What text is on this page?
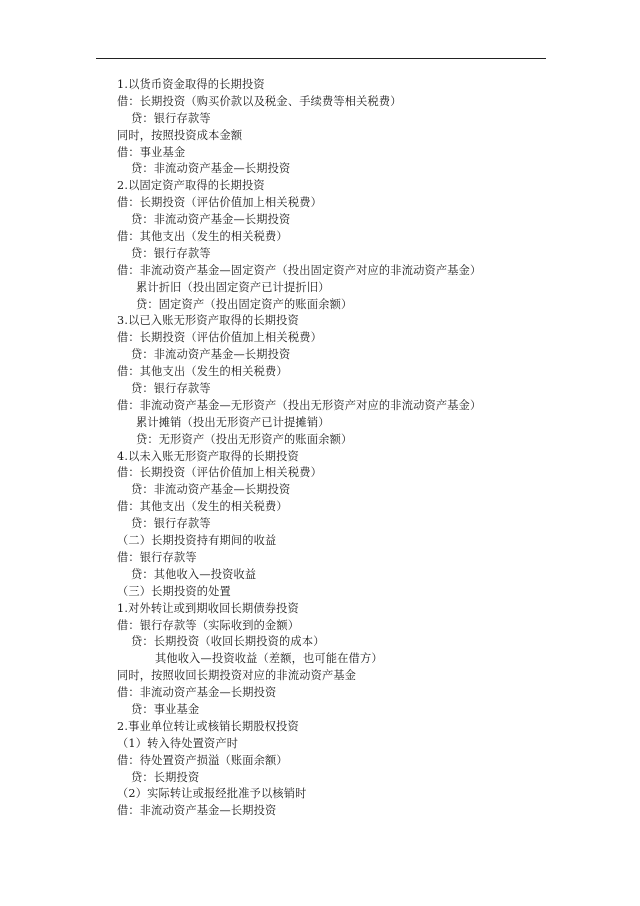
1.以货币资金取得的长期投资
借：长期投资（购买价款以及税金、手续费等相关税费）
贷：银行存款等
同时，按照投资成本金额
借：事业基金
贷：非流动资产基金—长期投资
2.以固定资产取得的长期投资
借：长期投资（评估价值加上相关税费）
贷：非流动资产基金—长期投资
借：其他支出（发生的相关税费）
贷：银行存款等
借：非流动资产基金—固定资产（投出固定资产对应的非流动资产基金）
累计折旧（投出固定资产已计提折旧）
贷：固定资产（投出固定资产的账面余额）
3.以已入账无形资产取得的长期投资
借：长期投资（评估价值加上相关税费）
贷：非流动资产基金—长期投资
借：其他支出（发生的相关税费）
贷：银行存款等
借：非流动资产基金—无形资产（投出无形资产对应的非流动资产基金）
累计摊销（投出无形资产已计提摊销）
贷：无形资产（投出无形资产的账面余额）
4.以未入账无形资产取得的长期投资
借：长期投资（评估价值加上相关税费）
贷：非流动资产基金—长期投资
借：其他支出（发生的相关税费）
贷：银行存款等
（二）长期投资持有期间的收益
借：银行存款等
贷：其他收入—投资收益
（三）长期投资的处置
1.对外转让或到期收回长期债券投资
借：银行存款等（实际收到的金额）
贷：长期投资（收回长期投资的成本）
其他收入—投资收益（差额，也可能在借方）
同时，按照收回长期投资对应的非流动资产基金
借：非流动资产基金—长期投资
贷：事业基金
2.事业单位转让或核销长期股权投资
（1）转入待处置资产时
借：待处置资产损溢（账面余额）
贷：长期投资
（2）实际转让或报经批准予以核销时
借：非流动资产基金—长期投资
